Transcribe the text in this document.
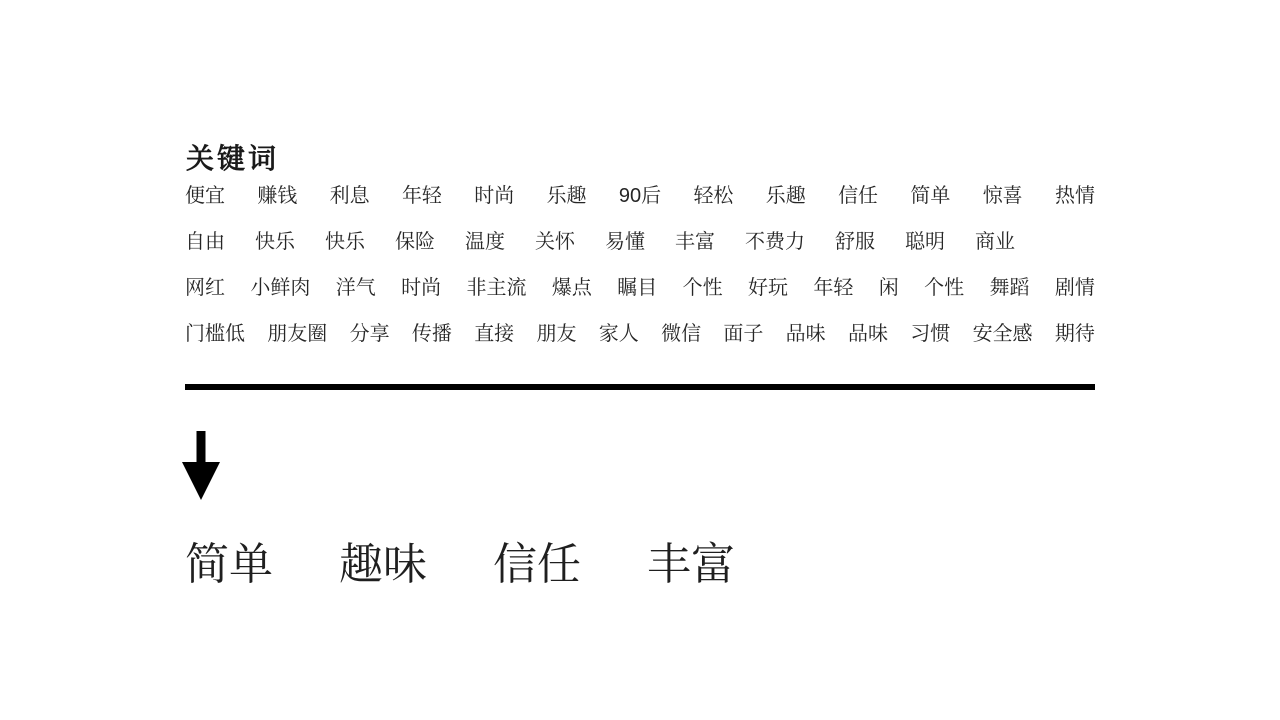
关键词
便宜 赚钱 利息 年轻 时尚 乐趣 90后 轻松 乐趣 信任 简单 惊喜 热情
自由 快乐 快乐 保险 温度 关怀 易懂 丰富 不费力 舒服 聪明 商业
网红 小鲜肉 洋气 时尚 非主流 爆点 瞩目 个性 好玩 年轻 闲 个性 舞蹈 剧情
门槛低 朋友圈 分享 传播 直接 朋友 家人 微信 面子 品味 品味 习惯 安全感 期待
简单 趣味 信任 丰富
